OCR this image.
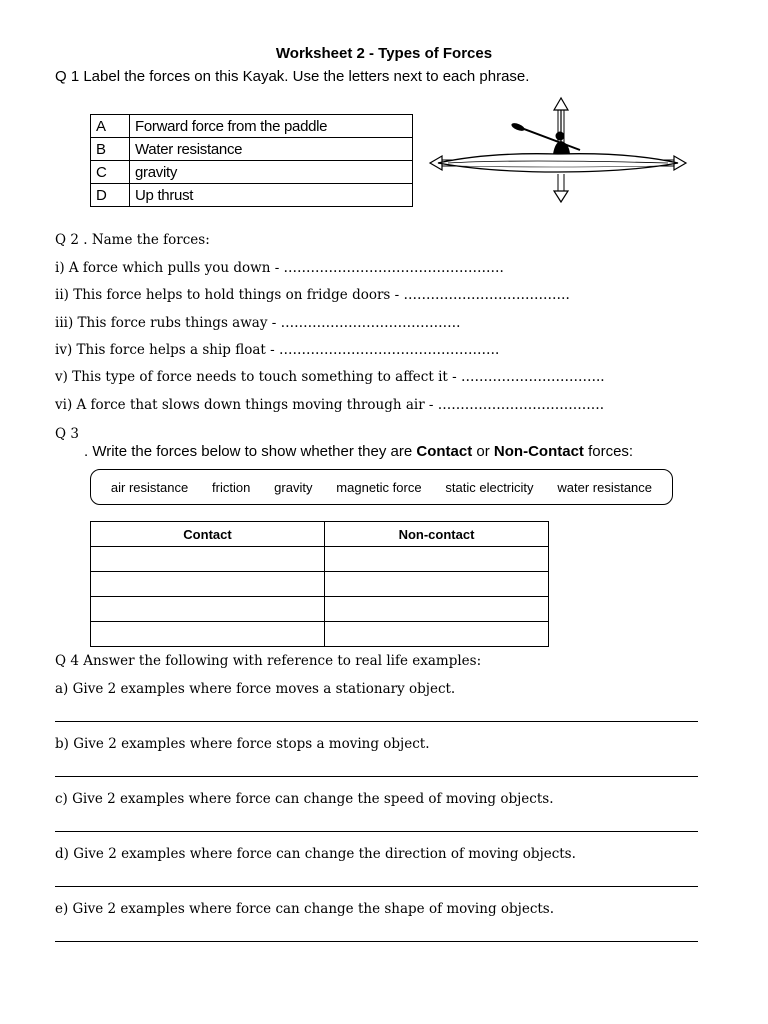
Worksheet 2 - Types of Forces
Q 1 Label the forces on this Kayak. Use the letters next to each phrase.
A	Forward force from the paddle
B	Water resistance
C	gravity
D	Up thrust
Q 2 . Name the forces:
i) A force which pulls you down - ………………………………………….
ii) This force helps to hold things on fridge doors - ……………………………….
iii) This force rubs things away - ………………………………….
iv) This force helps a ship float - ………………………………………….
v) This type of force needs to touch something to affect it - …………………………..
vi) A force that slows down things moving through air - ……………………………….
Q 3
. Write the forces below to show whether they are Contact or Non-Contact forces:
air resistance friction gravity magnetic force static electricity water resistance
Contact	Non-contact

Q 4 Answer the following with reference to real life examples:
a) Give 2 examples where force moves a stationary object.
b) Give 2 examples where force stops a moving object.
c) Give 2 examples where force can change the speed of moving objects.
d) Give 2 examples where force can change the direction of moving objects.
e) Give 2 examples where force can change the shape of moving objects.
